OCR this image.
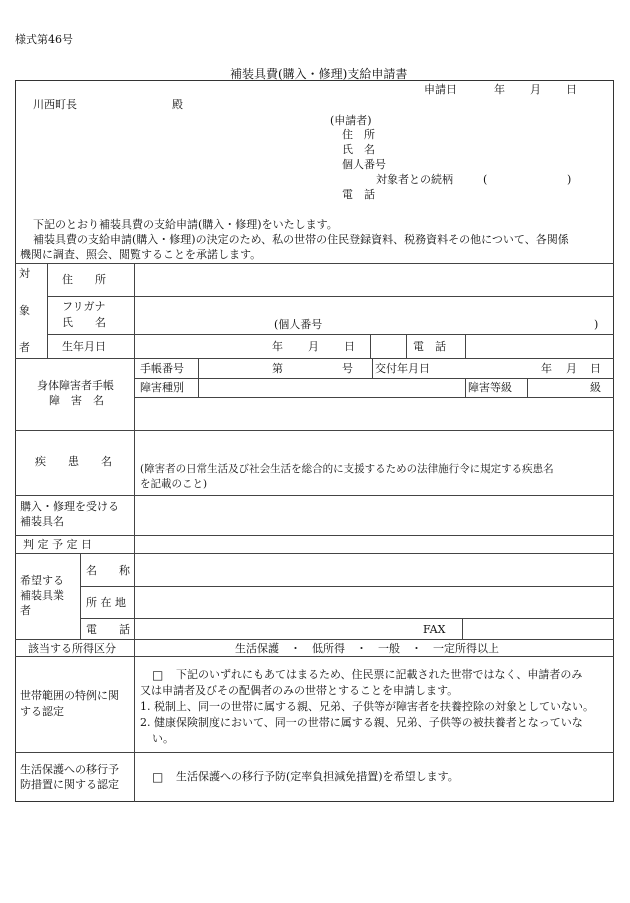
様式第46号
補装具費(購入・修理)支給申請書
申請日	年 月 日
川西町長	殿
(申請者)
住　所
氏　名
個人番号
対象者との続柄	(	)
電　話
下記のとおり補装具費の支給申請(購入・修理)をいたします。
補装具費の支給申請(購入・修理)の決定のため、私の世帯の住民登録資料、税務資料その他について、各関係
機関に調査、照会、閲覧することを承諾します。
対
象
者
住　　所
フリガナ
氏　　名	(個人番号	)
生年月日	年 月 日	電　話
身体障害者手帳
障　害　名
手帳番号	第	号 交付年月日	年 月 日
障害種別	障害等級	級
疾　　患　　名
(障害者の日常生活及び社会生活を総合的に支援するための法律施行令に規定する疾患名
を記載のこと)
購入・修理を受ける
補装具名
判 定 予 定 日
希望する
補装具業
者
名　　称
所 在 地
電　　話	FAX
該当する所得区分	生活保護　・　低所得　・　一般　・　一定所得以上
世帯範囲の特例に関
する認定
□ 下記のいずれにもあてはまるため、住民票に記載された世帯ではなく、申請者のみ
又は申請者及びその配偶者のみの世帯とすることを申請します。
1. 税制上、同一の世帯に属する親、兄弟、子供等が障害者を扶養控除の対象としていない。
2. 健康保険制度において、同一の世帯に属する親、兄弟、子供等の被扶養者となっていな
い。
生活保護への移行予
防措置に関する認定
□ 生活保護への移行予防(定率負担減免措置)を希望します。
